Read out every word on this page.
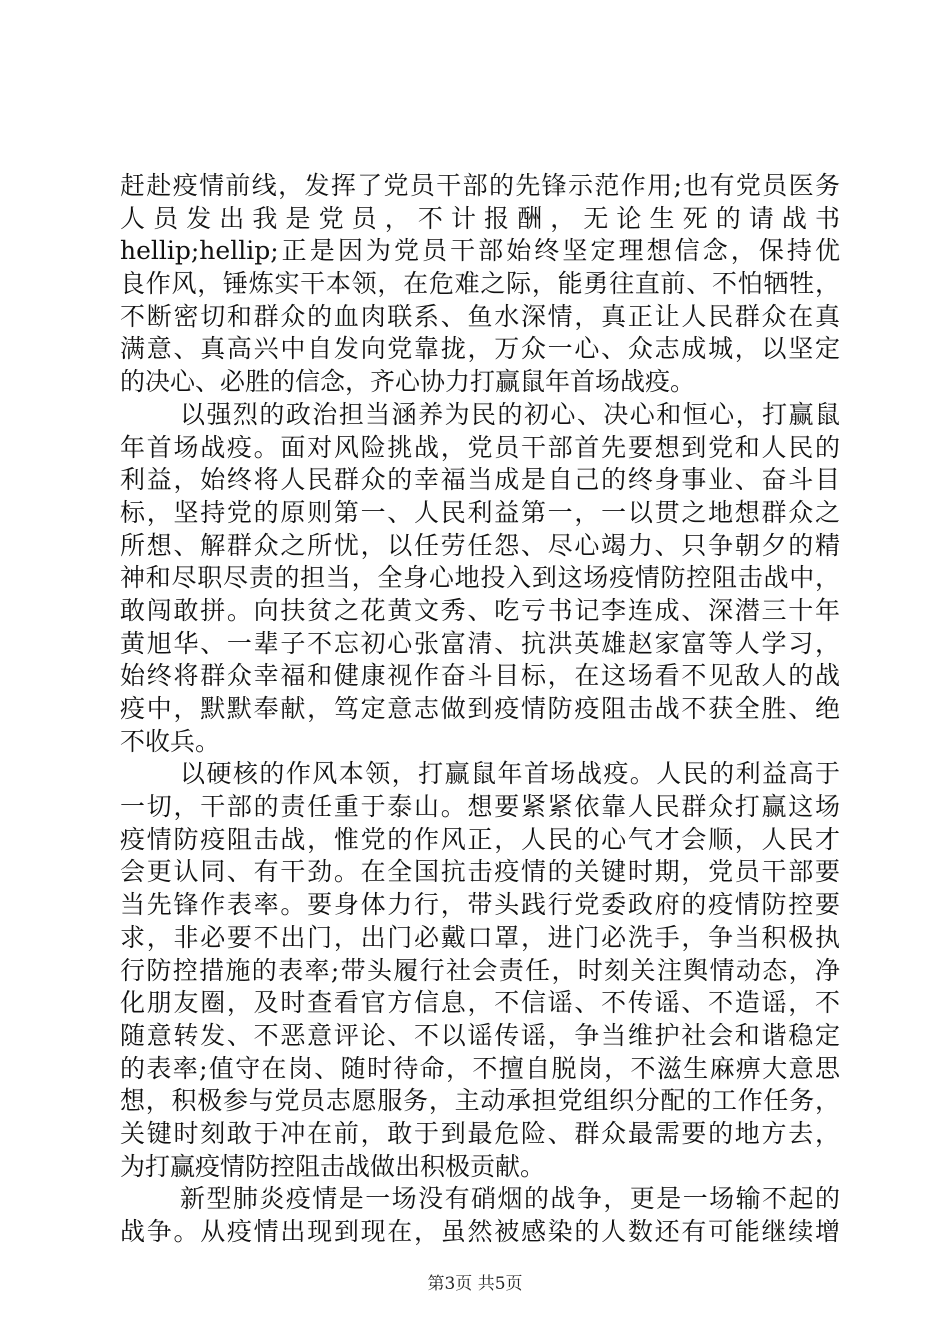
赶赴疫情前线，发挥了党员干部的先锋示范作用;也有党员医务
人 员 发 出 我 是 党 员 ， 不 计 报 酬 ， 无 论 生 死 的 请 战 书
hellip;hellip;正是因为党员干部始终坚定理想信念，保持优
良作风，锤炼实干本领，在危难之际，能勇往直前、不怕牺牲，
不断密切和群众的血肉联系、鱼水深情，真正让人民群众在真
满意、真高兴中自发向党靠拢，万众一心、众志成城，以坚定
的决心、必胜的信念，齐心协力打赢鼠年首场战疫。
以强烈的政治担当涵养为民的初心、决心和恒心，打赢鼠
年首场战疫。面对风险挑战，党员干部首先要想到党和人民的
利益，始终将人民群众的幸福当成是自己的终身事业、奋斗目
标，坚持党的原则第一、人民利益第一，一以贯之地想群众之
所想、解群众之所忧，以任劳任怨、尽心竭力、只争朝夕的精
神和尽职尽责的担当，全身心地投入到这场疫情防控阻击战中，
敢闯敢拼。向扶贫之花黄文秀、吃亏书记李连成、深潜三十年
黄旭华、一辈子不忘初心张富清、抗洪英雄赵家富等人学习，
始终将群众幸福和健康视作奋斗目标，在这场看不见敌人的战
疫中，默默奉献，笃定意志做到疫情防疫阻击战不获全胜、绝
不收兵。
以硬核的作风本领，打赢鼠年首场战疫。人民的利益高于
一切，干部的责任重于泰山。想要紧紧依靠人民群众打赢这场
疫情防疫阻击战，惟党的作风正，人民的心气才会顺，人民才
会更认同、有干劲。在全国抗击疫情的关键时期，党员干部要
当先锋作表率。要身体力行，带头践行党委政府的疫情防控要
求，非必要不出门，出门必戴口罩，进门必洗手，争当积极执
行防控措施的表率;带头履行社会责任，时刻关注舆情动态，净
化朋友圈，及时查看官方信息，不信谣、不传谣、不造谣，不
随意转发、不恶意评论、不以谣传谣，争当维护社会和谐稳定
的表率;值守在岗、随时待命，不擅自脱岗，不滋生麻痹大意思
想，积极参与党员志愿服务，主动承担党组织分配的工作任务，
关键时刻敢于冲在前，敢于到最危险、群众最需要的地方去，
为打赢疫情防控阻击战做出积极贡献。
新型肺炎疫情是一场没有硝烟的战争，更是一场输不起的
战争。从疫情出现到现在，虽然被感染的人数还有可能继续增
第3页 共5页
